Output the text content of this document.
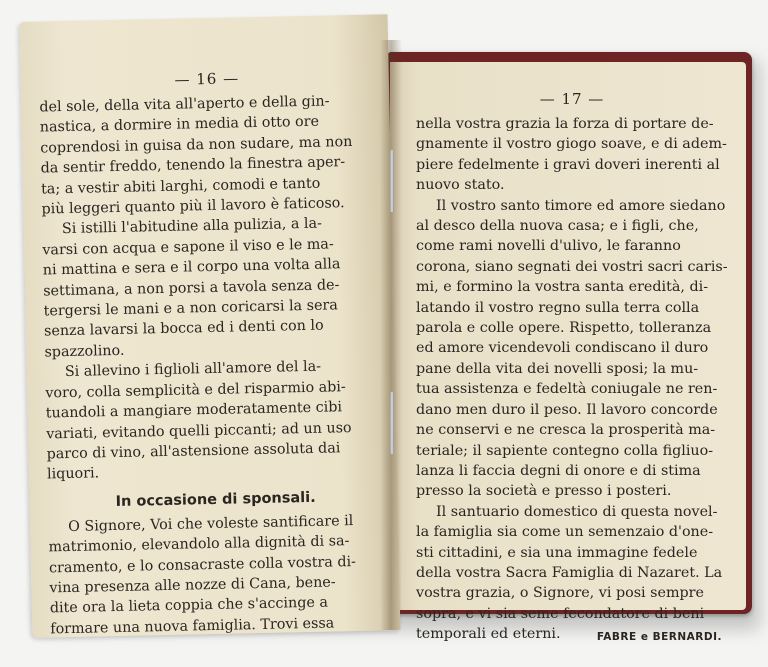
— 17 —
nella vostra grazia la forza di portare de-
gnamente il vostro giogo soave, e di adem-
piere fedelmente i gravi doveri inerenti al
nuovo stato.
Il vostro santo timore ed amore siedano
al desco della nuova casa; e i figli, che,
come rami novelli d'ulivo, le faranno
corona, siano segnati dei vostri sacri caris-
mi, e formino la vostra santa eredità, di-
latando il vostro regno sulla terra colla
parola e colle opere. Rispetto, tolleranza
ed amore vicendevoli condiscano il duro
pane della vita dei novelli sposi; la mu-
tua assistenza e fedeltà coniugale ne ren-
dano men duro il peso. Il lavoro concorde
ne conservi e ne cresca la prosperità ma-
teriale; il sapiente contegno colla figliuo-
lanza li faccia degni di onore e di stima
presso la società e presso i posteri.
Il santuario domestico di questa novel-
la famiglia sia come un semenzaio d'one-
sti cittadini, e sia una immagine fedele
della vostra Sacra Famiglia di Nazaret. La
vostra grazia, o Signore, vi posi sempre
sopra, e vi sia seme fecondatore di beni
temporali ed eterni.	FABRE e BERNARDI.
— 16 —
del sole, della vita all'aperto e della gin-
nastica, a dormire in media di otto ore
coprendosi in guisa da non sudare, ma non
da sentir freddo, tenendo la finestra aper-
ta; a vestir abiti larghi, comodi e tanto
più leggeri quanto più il lavoro è faticoso.
Si istilli l'abitudine alla pulizia, a la-
varsi con acqua e sapone il viso e le ma-
ni mattina e sera e il corpo una volta alla
settimana, a non porsi a tavola senza de-
tergersi le mani e a non coricarsi la sera
senza lavarsi la bocca ed i denti con lo
spazzolino.
Si allevino i figlioli all'amore del la-
voro, colla semplicità e del risparmio abi-
tuandoli a mangiare moderatamente cibi
variati, evitando quelli piccanti; ad un uso
parco di vino, all'astensione assoluta dai
liquori.
In occasione di sponsali.
O Signore, Voi che voleste santificare il
matrimonio, elevandolo alla dignità di sa-
cramento, e lo consacraste colla vostra di-
vina presenza alle nozze di Cana, bene-
dite ora la lieta coppia che s'accinge a
formare una nuova famiglia. Trovi essa
